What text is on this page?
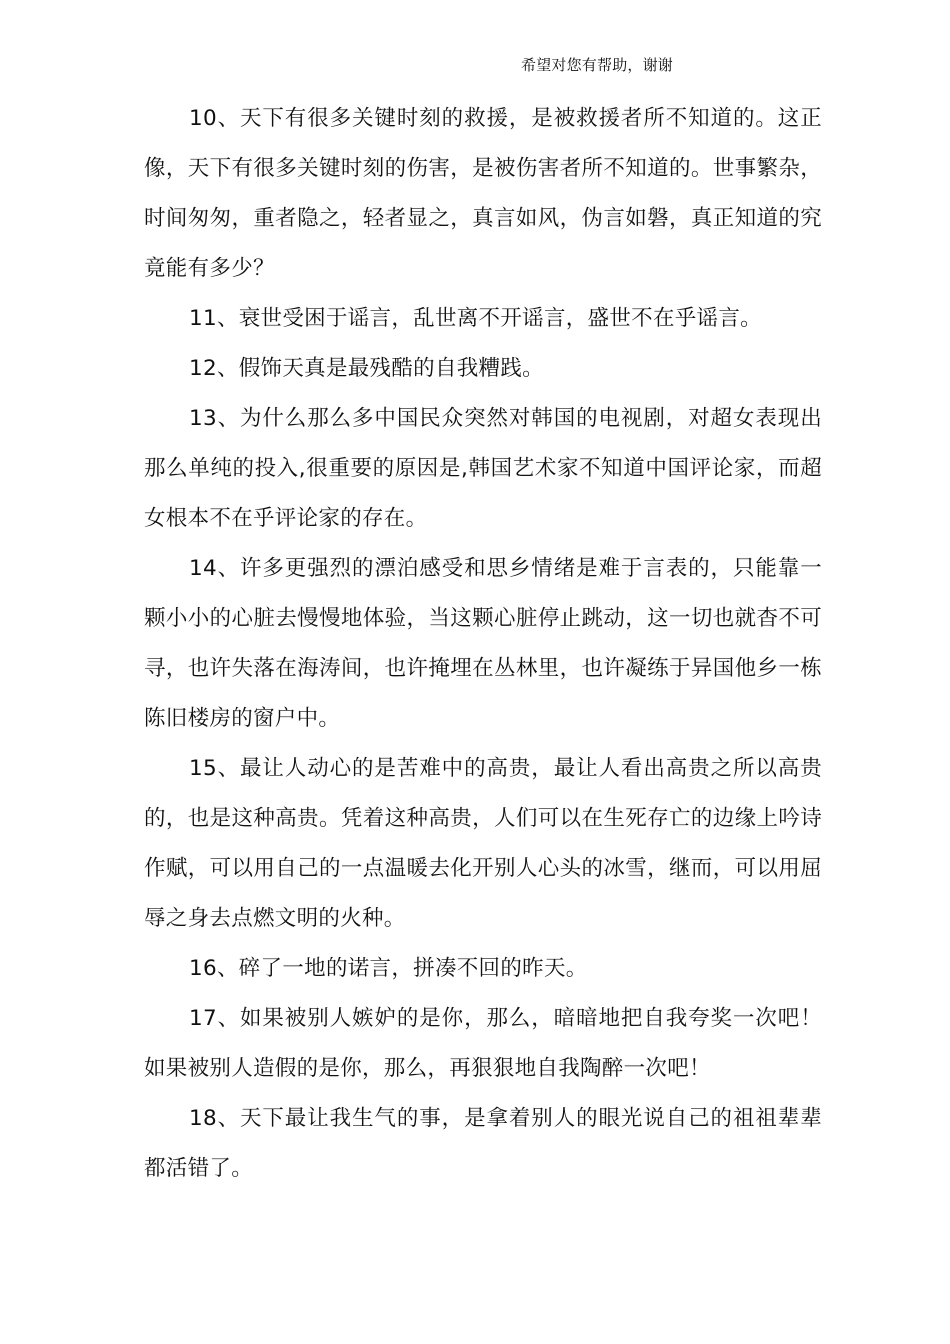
希望对您有帮助，谢谢

10、天下有很多关键时刻的救援，是被救援者所不知道的。这正像，天下有很多关键时刻的伤害，是被伤害者所不知道的。世事繁杂，时间匆匆，重者隐之，轻者显之，真言如风，伪言如磐，真正知道的究竟能有多少？

11、衰世受困于谣言，乱世离不开谣言，盛世不在乎谣言。

12、假饰天真是最残酷的自我糟践。

13、为什么那么多中国民众突然对韩国的电视剧，对超女表现出那么单纯的投入,很重要的原因是,韩国艺术家不知道中国评论家，而超女根本不在乎评论家的存在。

14、许多更强烈的漂泊感受和思乡情绪是难于言表的，只能靠一颗小小的心脏去慢慢地体验，当这颗心脏停止跳动，这一切也就杳不可寻，也许失落在海涛间，也许掩埋在丛林里，也许凝练于异国他乡一栋陈旧楼房的窗户中。

15、最让人动心的是苦难中的高贵，最让人看出高贵之所以高贵的，也是这种高贵。凭着这种高贵，人们可以在生死存亡的边缘上吟诗作赋，可以用自己的一点温暖去化开别人心头的冰雪，继而，可以用屈辱之身去点燃文明的火种。

16、碎了一地的诺言，拼凑不回的昨天。

17、如果被别人嫉妒的是你，那么，暗暗地把自我夸奖一次吧！如果被别人造假的是你，那么，再狠狠地自我陶醉一次吧！

18、天下最让我生气的事，是拿着别人的眼光说自己的祖祖辈辈都活错了。
